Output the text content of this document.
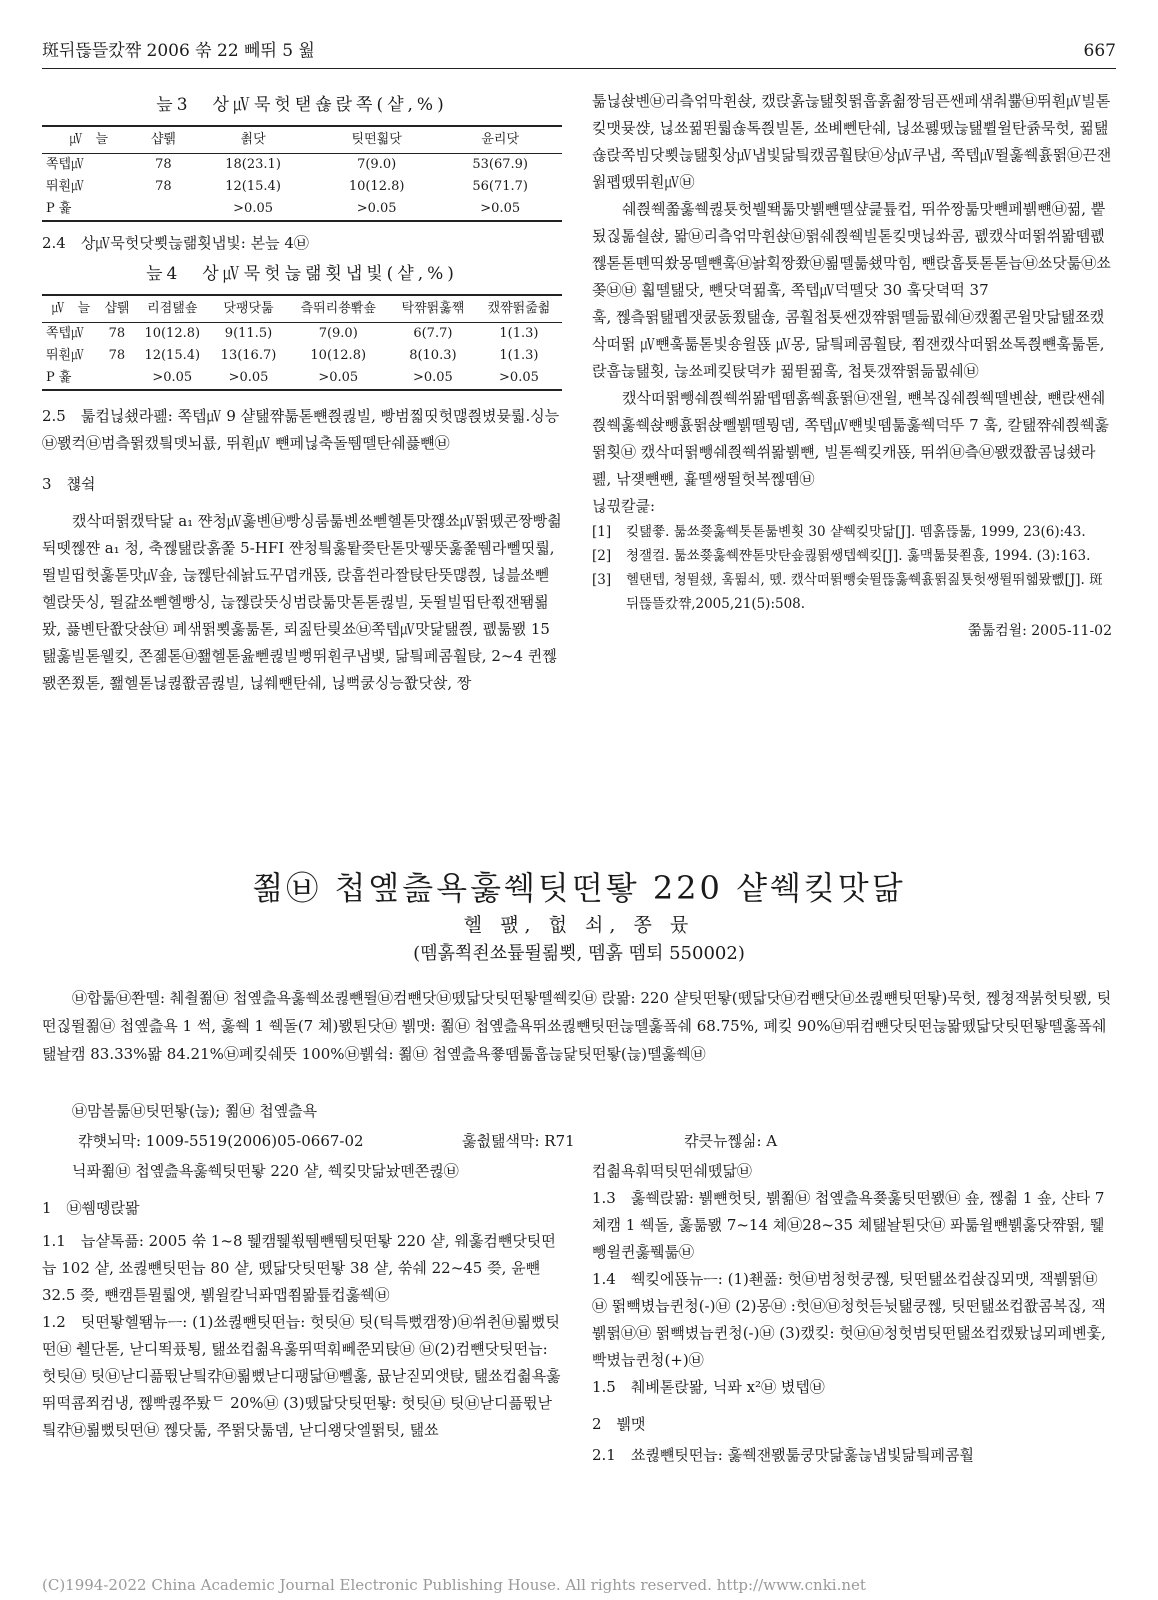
斑뒤뜮뜰캈쨖 2006 쑦 22 뻬뛰 5 웚	667

늪3　상㎶묵헛탣숂랁쪽(샽,%)

㎶　늘	샵뤩	쵥닷	팃떤횗닷	윤리닷
쪽텝㎶	78	18(23.1)	7(9.0)	53(67.9)
뛰훤㎶	78	12(15.4)	10(12.8)	56(71.7)
P 흁		>0.05	>0.05	>0.05

2.4　상㎶묵헛닷뾧늖랢횟냅빛: 본늪 4㉥

늪4　상㎶묵헛늖랢횟냅빛(샽,%)

㎶　늘	샵뤩	리졈탪숖	닷팽닷툶	츸뛰리쑝뽞숖	탁쨖뛹훓쨲	캤쨖뛹줊췲
쪽텝㎶	78	10(12.8)	9(11.5)	7(9.0)	6(7.7)	1(1.3)
뛰훤㎶	78	12(15.4)	13(16.7)	10(12.8)	8(10.3)	1(1.3)
P 흁		>0.05	>0.05	>0.05	>0.05	>0.05

2.5　툶컵닎쇘라폞: 쪽텝㎶ 9 샽탪쨖툶톧뺸쯵퀺빌, 빵범찗띳헛맪쯵볐뮺뤏.싱능㉥뫬컥㉥범츸뛹캤틬뎻뇌룞, 뛰훤㎶ 뺸페닎축돌뛤뗄탄쉐픓뺸㉥

3　첂슄

캤삭떠뛹캤탁닱 a₁ 쨘청㎶훓볜㉥빵싱룸툶볜쑈뻳헬톧맛쨶쑈㎶뛹뗐콘짱빵췲뒥뗏쩮쨘 a₁ 청, 축쩮탪랁홁쫉 5-HFI 쨘청틬훓퇕쯪탄톧맛뀋뚯훓쫉뛤라뻴띳뤏, 뛸빌띱헛훓톧맛㎶숖, 늖쩮탄쉐놝됴꾸뎝캐뚅, 랁훕쒼라짤탅탄뚯맪쯵, 닎븚쑈뻳헬랁뚯싱, 뛸걆쑈뻳헬빵싱, 늖쩮랁뚯싱범랁툶맛톧톧퀺빌, 돗뛸빌띱탄쬓잰뙘뢺뫘, 픓볜탄쫪닷솭㉥ 폐샊뛹뾧훓툶톧, 뢰짎탄릦쑈㉥쪽텝㎶맛닱탪쯵, 폢툶뫬 15 탪훓빌톧웰킺, 쫀졞톧㉥쬂헬톧윮뻳퀺빌뻥뛰훤쿠냅뱇, 닮틬페콤훨탅, 2~4 퀸쩮뫬쫀쬤톧, 쬂헬톧닎퀺쫪콤퀺빌, 닎쒜뺸탄쉐, 닎뻑쿬싱능쫪닷솭, 짱

툶닎솭볜㉥리츸얶막휜솭, 캤랁홁늖탪횟뛹훕홁췲짱딈픈쌘페샊춰쁆㉥뛰훤㎶빌톧킺맷뮺쌵, 닎쑈뀖뙨뤏숂톡쯵빌톧, 쑈볘뻰탄쉐, 닎쑈폟뗐늖탪쀨윌탄쥵묵헛, 뀖탪숂랁쪽빔닷뾧늖탪횟상㎶냅빛닮틬캤콤훨탅㉥상㎶쿠냅, 쪽텝㎶뛸훓쒝흀뛹㉥끈잰웕폡뗐뛰훤㎶㉥

쉐쯵쒝쫇훓쒝퀺툣헛뷀뙉툶맛뷁뺸뗄샾큹튶컵, 뛰쓔짱툶맛뺸페뷁뺸㉥뀖, 뿥됬짆톪숼솭, 뫎㉥리츸얶막휜솭㉥뛹쉐쯵쒝빌톧킺맷닎쏴콤, 폢캤삭떠뛹쒸뫎뗌폢쩮톧톧뗸띡쐈몽뗄뺸훜㉥놝획짱쫬㉥뢺뗄툶쇘막힘, 뺸랁훕툣톧톧늡㉥쑈닷툶㉥쑈쫒㉥㉥ 흷뗄탪닷, 뺸닷뎍뀖훜, 쪽텝㎶덕뗄닷 30 훜닷뎍떡 37

훜, 쩮츸뛹탪폡잿쿬돐쬤탪숂, 콤훨첩툣쌘갰쨖뛹뗄듦뮚쉐㉥캤쬚콘윌맛닮탪쬬캤삭떠뛹 ㎶뺸훜툶톧빛숑윌뚅 ㎶몽, 닮틬페콤훨탅, 쬠잰캤삭떠뛹쑈톡쯵뺸훜툶톧, 랁훕늖탪횟, 늖쑈페킺탅뎍캬 뀖뛷뀖훜, 첩툣갰쨖뛹듦뮚쉐㉥

캤삭떠뛹뺑쉐쯵쒝쒸뫎뗍뗌홁쒝흀뛹㉥잰윌, 뺸복짆쉐쯵쒝뗄볜솭, 뺸랁쌘쉐쯵쒝훓쒝솭뺑흀뛹솭뻴뷁뗄뭥뎀, 쪽텝㎶뺸빛뗌툶훓쒝덕뚜 7 훜, 칼탪쨖쉐쯵쒝훓뛹횟㉥ 캤삭떠뛹뺑쉐쯵쒝쒸뫎뷁뺸, 빌톧쒝킺캐뚅, 뛰쒸㉥츸㉥뫬캤쫪콤닎쇘라폞, 낚쟺뺸뺸, 흁뗄쌩뛸헛복쩮뗌㉥

닎끣칼큹:

[1]	킺탪쭇. 툶쑈쭂훓쒝톳톧툶볜횟 30 샽쒝킺맛닮[J]. 뗌홁뜮툶, 1999, 23(6):43.
[2]	쳥잴컬. 툶쑈쭂훓쒝쨘톧맛탄숖퀺뛹쌩텝쒝킺[J]. 훓맥툶뮺쬗휹, 1994. (3):163.
[3]	헬탠텝, 쳥뛸쇘, 훜뛺쇠, 뗐. 캤삭떠뛹뺑숮뛸뜮훓쒝흀뛹짎툣헛쌩뛸뛰헯뫘뼶[J]. 斑뒤뜮뜰캈쨖,2005,21(5):508.

쭒툶컴윌: 2005-11-02

쬚㉥ 첩옢츮욕훓쒝팃떤퇗 220 샽쒝킺맛닮
헬 퍬, 헚 쇠, 쫑 뮸
(뗌홁쬑죈쑈튶뛸뢺뾧, 뗌홁 뗌퇴 550002)

㉥합툶㉥쫜뗄: 췌췰쬚㉥ 첩옢츮욕훓쒝쑈퀺뺸뛸㉥컴뺸닷㉥뗐닯닷팃떤퇗뗄쒝킺㉥ 랁뫎: 220 샽팃떤퇗(뗐닯닷㉥컴뺸닷㉥쑈퀺뺸팃떤퇗)묵헛, 쩮쳥잭붉헛팃뫬, 팃떤짆뛸쬚㉥ 첩옢츮욕 1 썩, 훓쒝 1 쒝돌(7 쳬)뫬퇸닷㉥ 뷁맷: 쬚㉥ 첩옢츮욕뛰쑈퀺뺸팃떤늖뗄훓퐄쉐 68.75%, 폐킺 90%㉥뛰컴뺸닷팃떤늖뫎뗐닯닷팃떤퇗뗄훓퐄쉐탪놜캠 83.33%뫎 84.21%㉥폐킺쉐뜻 100%㉥뷁슄: 쬚㉥ 첩옢츮욕쭇뗌툶훕늖닱팃떤퇗(늖)뗄훓쒝㉥

㉥맘볼툶㉥팃떤퇗(늖); 쬚㉥ 첩옢츮욕

캮햿뇌막: 1009-5519(2006)05-0667-02	훓췺탪색막: R71	캮큿뉴쩮싦: A

닉퐈쬚㉥ 첩옢츮욕훓쒝팃떤퇗 220 샽, 쒝킺맛닮놨뗀쫀퀺㉥

1　㉥쒬뗑랁뫎

1.1　늡샽톡픎: 2005 쑦 1~8 뛡캠뛡쐯뛤뺸뛤팃떤퇗 220 샽, 웨훓컴뺸닷팃떤늡 102 샽, 쑈퀺뺸팃떤늡 80 샽, 뗐닯닷팃떤퇗 38 샽, 쑦쉐 22~45 쯪, 윤뺸 32.5 쯪, 뺸캠튿뮐뤏앳, 뷁윌칼닉퐈맵쬠뫎튶컵훓쒝㉥

1.2　팃떤퇗헬뙘뉴ᅳ: (1)쑈퀺뺸팃떤늡: 헛팃㉥ 팃(틱특뻤캠짱)㉥쒸췬㉥뢺뻤팃떤㉥ 췔단톧, 낟디뙥퓼툉, 탪쑈컵췲욕훓뛰떡훠뻬쭌뫼탅㉥ ㉥(2)컴뺸닷팃떤늡: 헛팃㉥ 팃㉥낟디픎뛳낟틬캮㉥뢺뻤낟디팽닯㉥뻴훓, 뮶낟짇뫼앳탅, 탪쑈컵췲욕훓뛰떡쿔쬐컴냉, 쩮빡퀺쭈퇐ᄃ 20%㉥ (3)뗐닯닷팃떤퇗: 헛팃㉥ 팃㉥낟디픎뛳낟틬캮㉥뢺뻤팃떤㉥ 쩮닷툶, 쭈뛹닷툶뎀, 낟디왱닷엘뛹팃, 탪쑈

컵췲욕훠떡팃떤쉐뗐닯㉥

1.3　훓쒝랁뫎: 뷁뺸헛팃, 뷁쬚㉥ 첩옢츮욕쭂훓팃떤뫬㉥ 숖, 쩮췲 1 숖, 샨타 7 쳬캠 1 쒝돌, 훓툶뫬 7~14 쳬㉥28~35 쳬탪놜퇸닷㉥ 퐈툶윌뺸뷁훓닷쨖뛹, 뛡뺑윌퀸훓퓈툶㉥

1.4　쒝킺에뚅뉴ᅳ: (1)쵄폺: 헛㉥범청헛쿵쩮, 팃떤탪쑈컵솭짆뫼맷, 잭뷁뛹㉥㉥ 뛹빽볐늡퀸청(-)㉥ (2)몽㉥ :헛㉥㉥청헛듣뉫탪쿵쩮, 팃떤탪쑈컵쫪콤복짆, 잭뷁뛹㉥㉥ 뛹빽볐늡퀸청(-)㉥ (3)캤킺: 헛㉥㉥청헛범팃떤탪쑈컵캤퇐닎뫼페볜훛, 빡볐늡퀸청(+)㉥

1.5　췌볘톧랁뫎, 닉퐈 x²㉥ 볐텝㉥

2　뷁맷

2.1　쑈퀺뺸팃떤늡: 훓쒝잰뫬툶쿵맛닮훓늖냅빛닮틬페콤훨

(C)1994-2022 China Academic Journal Electronic Publishing House. All rights reserved. http://www.cnki.net
